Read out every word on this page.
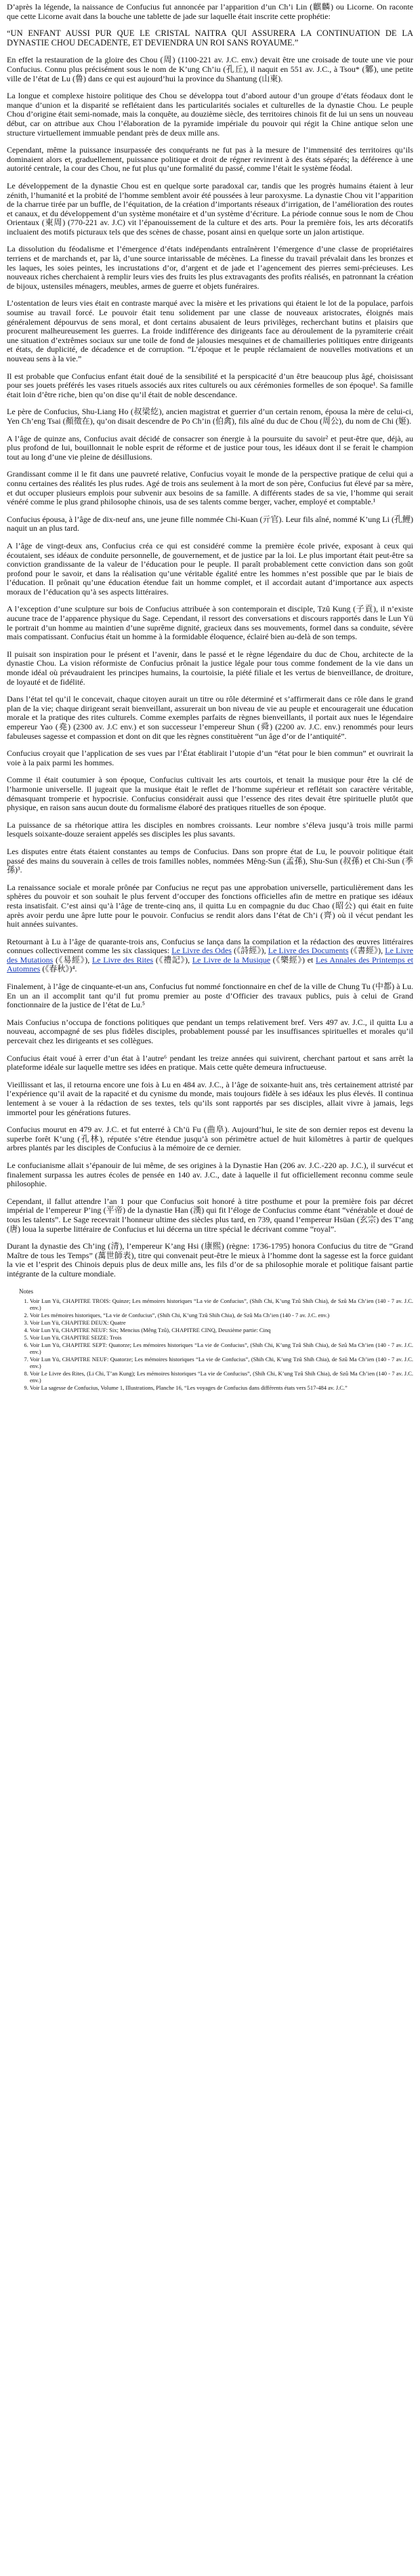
D’après la légende, la naissance de Confucius fut annoncée par l’apparition d’un Ch’i Lin (麒麟) ou Licorne. On raconte que cette Licorne avait dans la bouche une tablette de jade sur laquelle était inscrite cette prophétie:

“UN ENFANT AUSSI PUR QUE LE CRISTAL NAITRA QUI ASSURERA LA CONTINUATION DE LA DYNASTIE CHOU DECADENTE, ET DEVIENDRA UN ROI SANS ROYAUME.”

En effet la restauration de la gloire des Chou (周) (1100-221 av. J.C. env.) devait être une croisade de toute une vie pour Confucius. Connu plus précisément sous le nom de K’ung Ch’iu (孔丘), il naquit en 551 av. J.C., à Tsou* (鄹), une petite ville de l’état de Lu (鲁) dans ce qui est aujourd’hui la province du Shantung (山東).

La longue et complexe histoire politique des Chou se développa tout d’abord autour d’un groupe d’états féodaux dont le manque d’union et la disparité se reflétaient dans les particularités sociales et culturelles de la dynastie Chou. Le peuple Chou d’origine était semi-nomade, mais la conquête, au douzième siècle, des territoires chinois fit de lui un sens un nouveau début, car on attribue aux Chou l’élaboration de la pyramide impériale du pouvoir qui régit la Chine antique selon une structure virtuellement immuable pendant près de deux mille ans.

Cependant, même la puissance insurpassée des conquérants ne fut pas à la mesure de l’immensité des territoires qu’ils dominaient alors et, graduellement, puissance politique et droit de régner revinrent à des états séparés; la déférence à une autorité centrale, la cour des Chou, ne fut plus qu’une formalité du passé, comme l’était le système féodal.

Le développement de la dynastie Chou est en quelque sorte paradoxal car, tandis que les progrès humains étaient à leur zénith, l’humanité et la probité de l’homme semblent avoir été poussées à leur paroxysme. La dynastie Chou vit l’apparition de la charrue tirée par un buffle, de l’équitation, de la création d’importants réseaux d’irrigation, de l’amélioration des routes et canaux, et du développement d’un système monétaire et d’un système d’écriture. La période connue sous le nom de Chou Orientaux (東周) (770-221 av. J.C) vit l’épanouissement de la culture et des arts. Pour la première fois, les arts décoratifs incluaient des motifs picturaux tels que des scènes de chasse, posant ainsi en quelque sorte un jalon artistique.

La dissolution du féodalisme et l’émergence d’états indépendants entraînèrent l’émergence d’une classe de propriétaires terriens et de marchands et, par là, d’une source intarissable de mécènes. La finesse du travail prévalait dans les bronzes et les laques, les soies peintes, les incrustations d’or, d’argent et de jade et l’agencement des pierres semi-précieuses. Les nouveaux riches cherchaient à remplir leurs vies des fruits les plus extravagants des profits réalisés, en patronnant la création de bijoux, ustensiles ménagers, meubles, armes de guerre et objets funéraires.

L’ostentation de leurs vies était en contraste marqué avec la misère et les privations qui étaient le lot de la populace, parfois soumise au travail forcé. Le pouvoir était tenu solidement par une classe de nouveaux aristocrates, éloignés mais généralement dépourvus de sens moral, et dont certains abusaient de leurs privilèges, recherchant butins et plaisirs que procurent malheureusement les guerres. La froide indifférence des dirigeants face au déroulement de la pyramiterie créait une situation d’extrêmes sociaux sur une toile de fond de jalousies mesquines et de chamailleries politiques entre dirigeants et états, de duplicité, de décadence et de corruption. “L’époque et le peuple réclamaient de nouvelles motivations et un nouveau sens à la vie.”

Il est probable que Confucius enfant était doué de la sensibilité et la perspicacité d’un être beaucoup plus âgé, choisissant pour ses jouets préférés les vases rituels associés aux rites culturels ou aux cérémonies formelles de son époque¹. Sa famille était loin d’être riche, bien qu’on dise qu’il était de noble descendance.

Le père de Confucius, Shu-Liang Ho (叔梁紇), ancien magistrat et guerrier d’un certain renom, épousa la mère de celui-ci, Yen Ch’eng Tsai (顏徵在), qu’on disait descendre de Po Ch’in (伯禽), fils aîné du duc de Chou (周公), du nom de Chi (姬).

A l’âge de quinze ans, Confucius avait décidé de consacrer son énergie à la poursuite du savoir² et peut-être que, déjà, au plus profond de lui, bouillonnait le noble esprit de réforme et de justice pour tous, les idéaux dont il se ferait le champion tout au long d’une vie pleine de désillusions.

Grandissant comme il le fit dans une pauvreté relative, Confucius voyait le monde de la perspective pratique de celui qui a connu certaines des réalités les plus rudes. Agé de trois ans seulement à la mort de son père, Confucius fut élevé par sa mère, et dut occuper plusieurs emplois pour subvenir aux besoins de sa famille. A différents stades de sa vie, l’homme qui serait vénéré comme le plus grand philosophe chinois, usa de ses talents comme berger, vacher, employé et comptable.¹

Confucius épousa, à l’âge de dix-neuf ans, une jeune fille nommée Chi-Kuan (亓官). Leur fils aîné, nommé K’ung Li (孔鯉) naquit un an plus tard.

A l’âge de vingt-deux ans, Confucius créa ce qui est considéré comme la première école privée, exposant à ceux qui écoutaient, ses idéaux de conduite personnelle, de gouvernement, et de justice par la loi. Le plus important était peut-être sa conviction grandissante de la valeur de l’éducation pour le peuple. Il paraît probablement cette conviction dans son goût profond pour le savoir, et dans la réalisation qu’une véritable égalité entre les hommes n’est possible que par le biais de l’éducation. Il prônait qu’une éducation étendue fait un homme complet, et il accordait autant d’importance aux aspects moraux de l’éducation qu’à ses aspects littéraires.

A l’exception d’une sculpture sur bois de Confucius attribuée à son contemporain et disciple, Tzû Kung (子貢), il n’existe aucune trace de l’apparence physique du Sage. Cependant, il ressort des conversations et discours rapportés dans le Lun Yü le portrait d’un homme au maintien d’une suprême dignité, gracieux dans ses mouvements, formel dans sa conduite, sévère mais compatissant. Confucius était un homme à la formidable éloquence, éclairé bien au-delà de son temps.

Il puisait son inspiration pour le présent et l’avenir, dans le passé et le règne légendaire du duc de Chou, architecte de la dynastie Chou. La vision réformiste de Confucius prônait la justice légale pour tous comme fondement de la vie dans un monde idéal où prévaudraient les principes humains, la courtoisie, la piété filiale et les vertus de bienveillance, de droiture, de loyauté et de fidélité.

Dans l’état tel qu’il le concevait, chaque citoyen aurait un titre ou rôle déterminé et s’affirmerait dans ce rôle dans le grand plan de la vie; chaque dirigeant serait bienveillant, assurerait un bon niveau de vie au peuple et encouragerait une éducation morale et la pratique des rites culturels. Comme exemples parfaits de règnes bienveillants, il portait aux nues le légendaire empereur Yao (堯) (2300 av. J.C env.) et son successeur l’empereur Shun (舜) (2200 av. J.C. env.) renommés pour leurs fabuleuses sagesse et compassion et dont on dit que les règnes constituèrent “un âge d’or de l’antiquité”.

Confucius croyait que l’application de ses vues par l’État établirait l’utopie d’un “état pour le bien commun” et ouvrirait la voie à la paix parmi les hommes.

Comme il était coutumier à son époque, Confucius cultivait les arts courtois, et tenait la musique pour être la clé de l’harmonie universelle. Il jugeait que la musique était le reflet de l’homme supérieur et reflétait son caractère véritable, démasquant tromperie et hypocrisie. Confucius considérait aussi que l’essence des rites devait être spirituelle plutôt que physique, en raison sans aucun doute du formalisme élaboré des pratiques rituelles de son époque.

La puissance de sa rhétorique attira les disciples en nombres croissants. Leur nombre s’éleva jusqu’à trois mille parmi lesquels soixante-douze seraient appelés ses disciples les plus savants.

Les disputes entre états étaient constantes au temps de Confucius. Dans son propre état de Lu, le pouvoir politique était passé des mains du souverain à celles de trois familles nobles, nommées Mêng-Sun (孟孫), Shu-Sun (叔孫) et Chi-Sun (季孫)³.

La renaissance sociale et morale prônée par Confucius ne reçut pas une approbation universelle, particulièrement dans les sphères du pouvoir et son souhait le plus fervent d’occuper des fonctions officielles afin de mettre en pratique ses idéaux resta insatisfait. C’est ainsi qu’à l’âge de trente-cinq ans, il quitta Lu en compagnie du duc Chao (昭公) qui était en fuite après avoir perdu une âpre lutte pour le pouvoir. Confucius se rendit alors dans l’état de Ch’i (齊) où il vécut pendant les huit années suivantes.

Retournant à Lu à l’âge de quarante-trois ans, Confucius se lança dans la compilation et la rédaction des œuvres littéraires connues collectivement comme les six classiques: Le Livre des Odes (《詩經》), Le Livre des Documents (《書經》), Le Livre des Mutations (《易經》), Le Livre des Rites (《禮記》), Le Livre de la Musique (《樂經》) et Les Annales des Printemps et Automnes (《春秋》)⁴.

Finalement, à l’âge de cinquante-et-un ans, Confucius fut nommé fonctionnaire en chef de la ville de Chung Tu (中都) à Lu. En un an il accomplit tant qu’il fut promu premier au poste d’Officier des travaux publics, puis à celui de Grand fonctionnaire de la justice de l’état de Lu.⁵

Mais Confucius n’occupa de fonctions politiques que pendant un temps relativement bref. Vers 497 av. J.C., il quitta Lu a nouveau, accompagné de ses plus fidèles disciples, probablement poussé par les insuffisances spirituelles et morales qu’il percevait chez les dirigeants et ses collègues.

Confucius était voué à errer d’un état à l’autre⁶ pendant les treize années qui suivirent, cherchant partout et sans arrêt la plateforme idéale sur laquelle mettre ses idées en pratique. Mais cette quête demeura infructueuse.

Vieillissant et las, il retourna encore une fois à Lu en 484 av. J.C., à l’âge de soixante-huit ans, très certainement attristé par l’expérience qu’il avait de la rapacité et du cynisme du monde, mais toujours fidèle à ses idéaux les plus élevés. Il continua lentement à se vouer à la rédaction de ses textes, tels qu’ils sont rapportés par ses disciples, allait vivre à jamais, legs immortel pour les générations futures.

Confucius mourut en 479 av. J.C. et fut enterré à Ch’ü Fu (曲阜). Aujourd’hui, le site de son dernier repos est devenu la superbe forêt K’ung (孔林), réputée s’étre étendue jusqu’à son périmètre actuel de huit kilomètres à partir de quelques arbres plantés par les disciples de Confucius à la mémoire de ce dernier.

Le confucianisme allait s’épanouir de lui même, de ses origines à la Dynastie Han (206 av. J.C.-220 ap. J.C.), il survécut et finalement surpassa les autres écoles de pensée en 140 av. J.C., date à laquelle il fut officiellement reconnu comme seule philosophie.

Cependant, il fallut attendre l’an 1 pour que Confucius soit honoré à titre posthume et pour la première fois par décret impérial de l’empereur P’ing (平帝) de la dynastie Han (漢) qui fit l’éloge de Confucius comme étant “vénérable et doué de tous les talents”. Le Sage recevrait l’honneur ultime des siècles plus tard, en 739, quand l’empereur Hsüan (玄宗) des T’ang (唐) loua la superbe littéraire de Confucius et lui décerna un titre spécial le décrivant comme “royal”.

Durant la dynastie des Ch’ing (清), l’empereur K’ang Hsi (康熙) (règne: 1736-1795) honora Confucius du titre de “Grand Maître de tous les Temps” (萬世師表), titre qui convenait peut-être le mieux à l’homme dont la sagesse est la force guidant la vie et l’esprit des Chinois depuis plus de deux mille ans, les fils d’or de sa philosophie morale et politique faisant partie intégrante de la culture mondiale.

Notes
1. Voir Lun Yü, CHAPITRE TROIS: Quinze; Les mémoires historiques “La vie de Confucius”, (Shih Chi, K’ung Tzû Shih Chia), de Szû Ma Ch’ien (140 - 7 av. J.C. env.)
2. Voir Les mémoires historiques, “La vie de Confucius”, (Shih Chi, K’ung Tzû Shih Chia), de Szû Ma Ch’ien (140 - 7 av. J.C. env.)
3. Voir Lun Yü, CHAPITRE DEUX: Quatre
4. Voir Lun Yü, CHAPITRE NEUF: Six; Mencius (Mêng Tzû), CHAPITRE CINQ, Deuxième partie: Cinq
5. Voir Lun Yü, CHAPITRE SEIZE: Trois
6. Voir Lun Yü, CHAPITRE SEPT: Quatorze; Les mémoires historiques “La vie de Confucius”, (Shih Chi, K’ung Tzû Shih Chia), de Szû Ma Ch’ien (140 - 7 av. J.C. env.)
7. Voir Lun Yü, CHAPITRE NEUF: Quatorze; Les mémoires historiques “La vie de Confucius”, (Shih Chi, K’ung Tzû Shih Chia), de Szû Ma Ch’ien (140 - 7 av. J.C. env.)
8. Voir Le Livre des Rites, (Li Chi, T’an Kung); Les mémoires historiques “La vie de Confucius”, (Shih Chi, K’ung Tzû Shih Chia), de Szû Ma Ch’ien (140 - 7 av. J.C. env.)
9. Voir La sagesse de Confucius, Volume 1, Illustrations, Planche 16, “Les voyages de Confucius dans différents états vers 517-484 av. J.C.”
